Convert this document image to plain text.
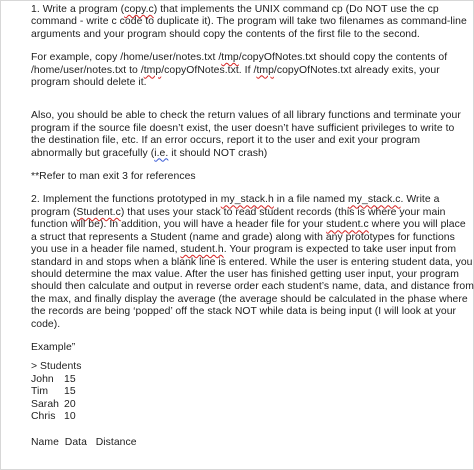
1. Write a program (copy.c) that implements the UNIX command cp (Do NOT use the cp
command - write c code to duplicate it). The program will take two filenames as command-line
arguments and your program should copy the contents of the first file to the second.
For example, copy /home/user/notes.txt /tmp/copyOfNotes.txt should copy the contents of
/home/user/notes.txt to /tmp/copyOfNotes.txt. If /tmp/copyOfNotes.txt already exits, your
program should delete it.
Also, you should be able to check the return values of all library functions and terminate your
program if the source file doesn’t exist, the user doesn’t have sufficient privileges to write to
the destination file, etc. If an error occurs, report it to the user and exit your program
abnormally but gracefully (i.e. it should NOT crash)
**Refer to man exit 3 for references
2. Implement the functions prototyped in my_stack.h in a file named my_stack.c. Write a
program (Student.c) that uses your stack to read student records (this is where your main
function will be). In addition, you will have a header file for your student.c where you will place
a struct that represents a Student (name and grade) along with any prototypes for functions
you use in a header file named, student.h. Your program is expected to take user input from
standard in and stops when a blank line is entered. While the user is entering student data, you
should determine the max value. After the user has finished getting user input, your program
should then calculate and output in reverse order each student’s name, data, and distance from
the max, and finally display the average (the average should be calculated in the phase where
the records are being ‘popped’ off the stack NOT while data is being input (I will look at your
code).
Example”
> Students
John	15
Tim	15
Sarah	20
Chris	10
Name  Data   Distance
